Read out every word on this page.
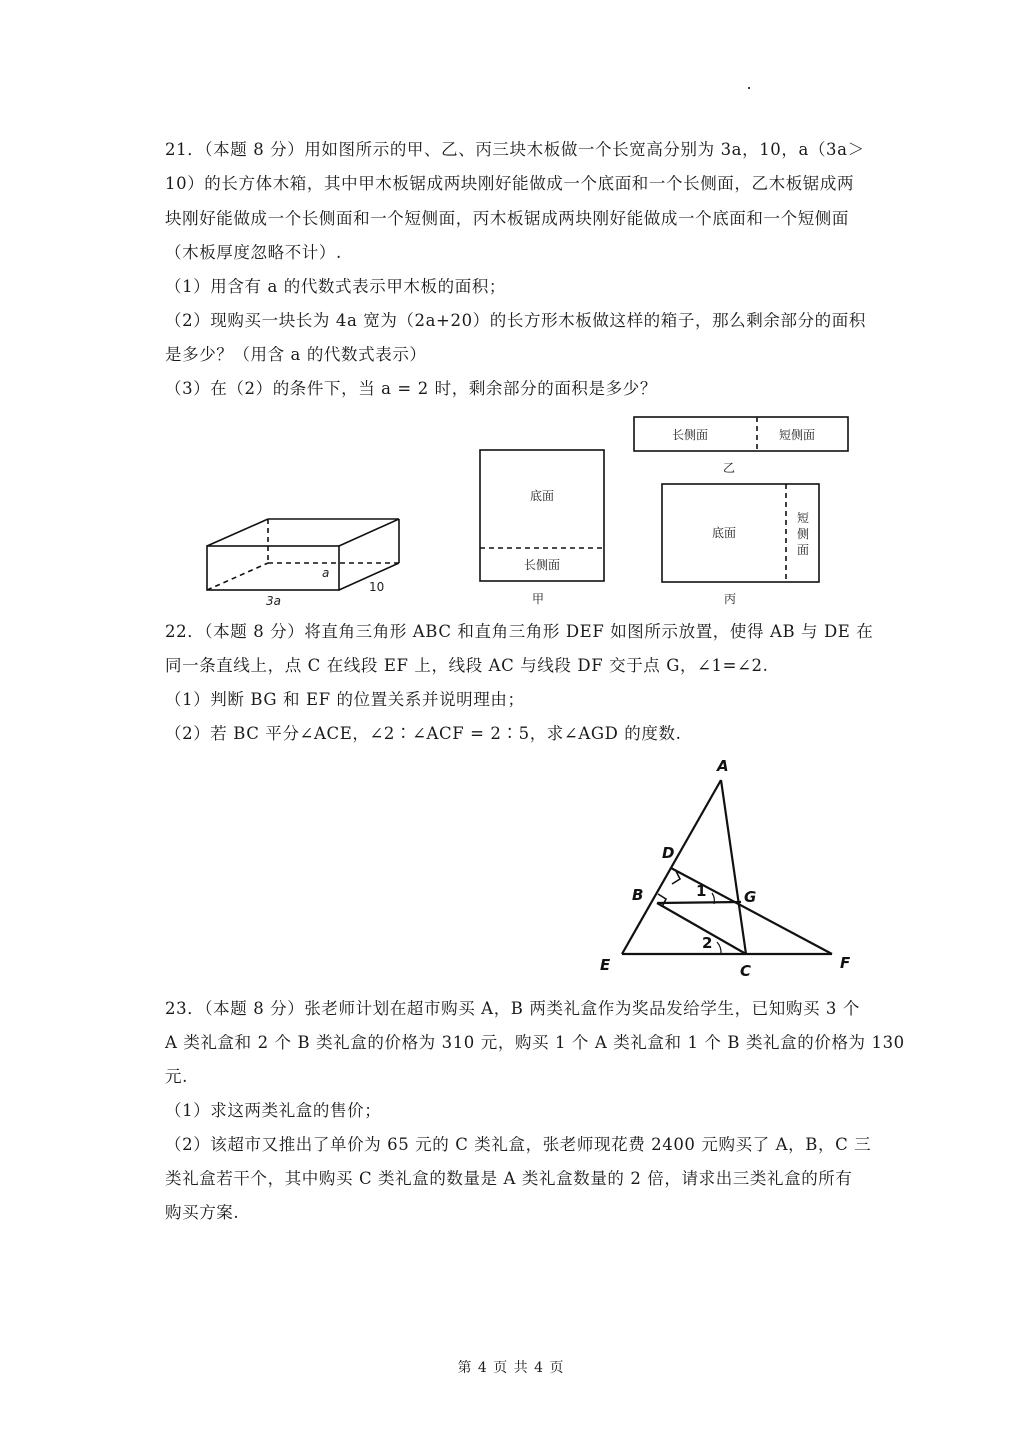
21．（本题 8 分）用如图所示的甲、乙、丙三块木板做一个长宽高分别为 3a，10，a（3a＞
10）的长方体木箱，其中甲木板锯成两块刚好能做成一个底面和一个长侧面，乙木板锯成两
块刚好能做成一个长侧面和一个短侧面，丙木板锯成两块刚好能做成一个底面和一个短侧面
（木板厚度忽略不计）.
（1）用含有 a 的代数式表示甲木板的面积；
（2）现购买一块长为 4a 宽为（2a+20）的长方形木板做这样的箱子，那么剩余部分的面积
是多少？（用含 a 的代数式表示）
（3）在（2）的条件下，当 a = 2 时，剩余部分的面积是多少？
a
10
3a
底面
长侧面
甲
长侧面	短侧面
乙
底面
短
侧
面
丙
22．（本题 8 分）将直角三角形 ABC 和直角三角形 DEF 如图所示放置，使得 AB 与 DE 在
同一条直线上，点 C 在线段 EF 上，线段 AC 与线段 DF 交于点 G，∠1=∠2.
（1）判断 BG 和 EF 的位置关系并说明理由；
（2）若 BC 平分∠ACE，∠2∶∠ACF = 2∶5，求∠AGD 的度数.
A
D
B	G
E	C	F
1
2
23．（本题 8 分）张老师计划在超市购买 A，B 两类礼盒作为奖品发给学生，已知购买 3 个
A 类礼盒和 2 个 B 类礼盒的价格为 310 元，购买 1 个 A 类礼盒和 1 个 B 类礼盒的价格为 130
元.
（1）求这两类礼盒的售价；
（2）该超市又推出了单价为 65 元的 C 类礼盒，张老师现花费 2400 元购买了 A，B，C 三
类礼盒若干个，其中购买 C 类礼盒的数量是 A 类礼盒数量的 2 倍，请求出三类礼盒的所有
购买方案.
第 4 页 共 4 页
